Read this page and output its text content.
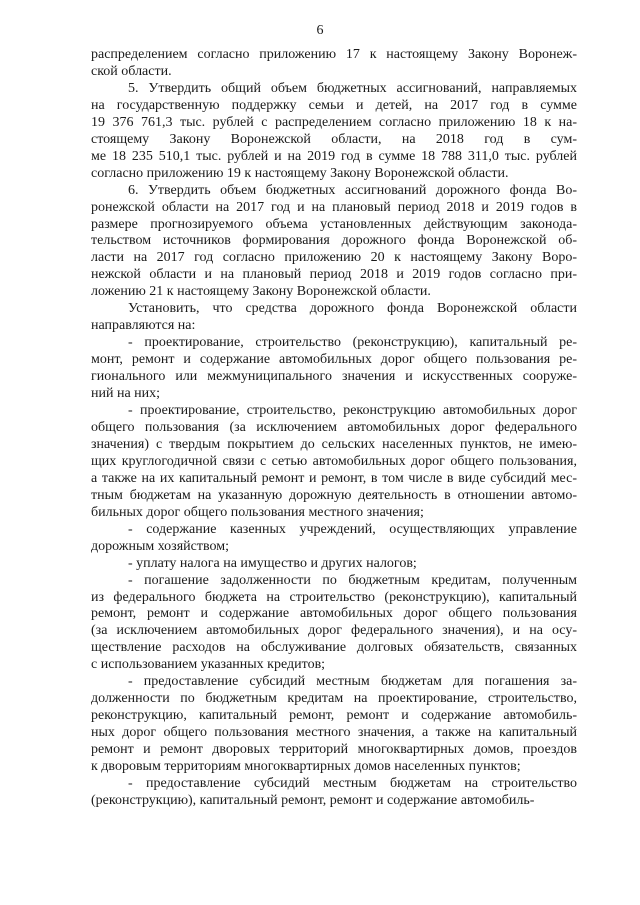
6
распределением согласно приложению 17 к настоящему Закону Воронеж-
ской области.
5. Утвердить общий объем бюджетных ассигнований, направляемых
на государственную поддержку семьи и детей, на 2017 год в сумме
19 376 761,3 тыс. рублей с распределением согласно приложению 18 к на-
стоящему Закону Воронежской области, на 2018 год в сум-
ме 18 235 510,1 тыс. рублей и на 2019 год в сумме 18 788 311,0 тыс. рублей
согласно приложению 19 к настоящему Закону Воронежской области.
6. Утвердить объем бюджетных ассигнований дорожного фонда Во-
ронежской области на 2017 год и на плановый период 2018 и 2019 годов в
размере прогнозируемого объема установленных действующим законода-
тельством источников формирования дорожного фонда Воронежской об-
ласти на 2017 год согласно приложению 20 к настоящему Закону Воро-
нежской области и на плановый период 2018 и 2019 годов согласно при-
ложению 21 к настоящему Закону Воронежской области.
Установить, что средства дорожного фонда Воронежской области
направляются на:
- проектирование, строительство (реконструкцию), капитальный ре-
монт, ремонт и содержание автомобильных дорог общего пользования ре-
гионального или межмуниципального значения и искусственных сооруже-
ний на них;
- проектирование, строительство, реконструкцию автомобильных дорог
общего пользования (за исключением автомобильных дорог федерального
значения) с твердым покрытием до сельских населенных пунктов, не имею-
щих круглогодичной связи с сетью автомобильных дорог общего пользования,
а также на их капитальный ремонт и ремонт, в том числе в виде субсидий мес-
тным бюджетам на указанную дорожную деятельность в отношении автомо-
бильных дорог общего пользования местного значения;
- содержание казенных учреждений, осуществляющих управление
дорожным хозяйством;
- уплату налога на имущество и других налогов;
- погашение задолженности по бюджетным кредитам, полученным
из федерального бюджета на строительство (реконструкцию), капитальный
ремонт, ремонт и содержание автомобильных дорог общего пользования
(за исключением автомобильных дорог федерального значения), и на осу-
ществление расходов на обслуживание долговых обязательств, связанных
с использованием указанных кредитов;
- предоставление субсидий местным бюджетам для погашения за-
долженности по бюджетным кредитам на проектирование, строительство,
реконструкцию, капитальный ремонт, ремонт и содержание автомобиль-
ных дорог общего пользования местного значения, а также на капитальный
ремонт и ремонт дворовых территорий многоквартирных домов, проездов
к дворовым территориям многоквартирных домов населенных пунктов;
- предоставление субсидий местным бюджетам на строительство
(реконструкцию), капитальный ремонт, ремонт и содержание автомобиль-
